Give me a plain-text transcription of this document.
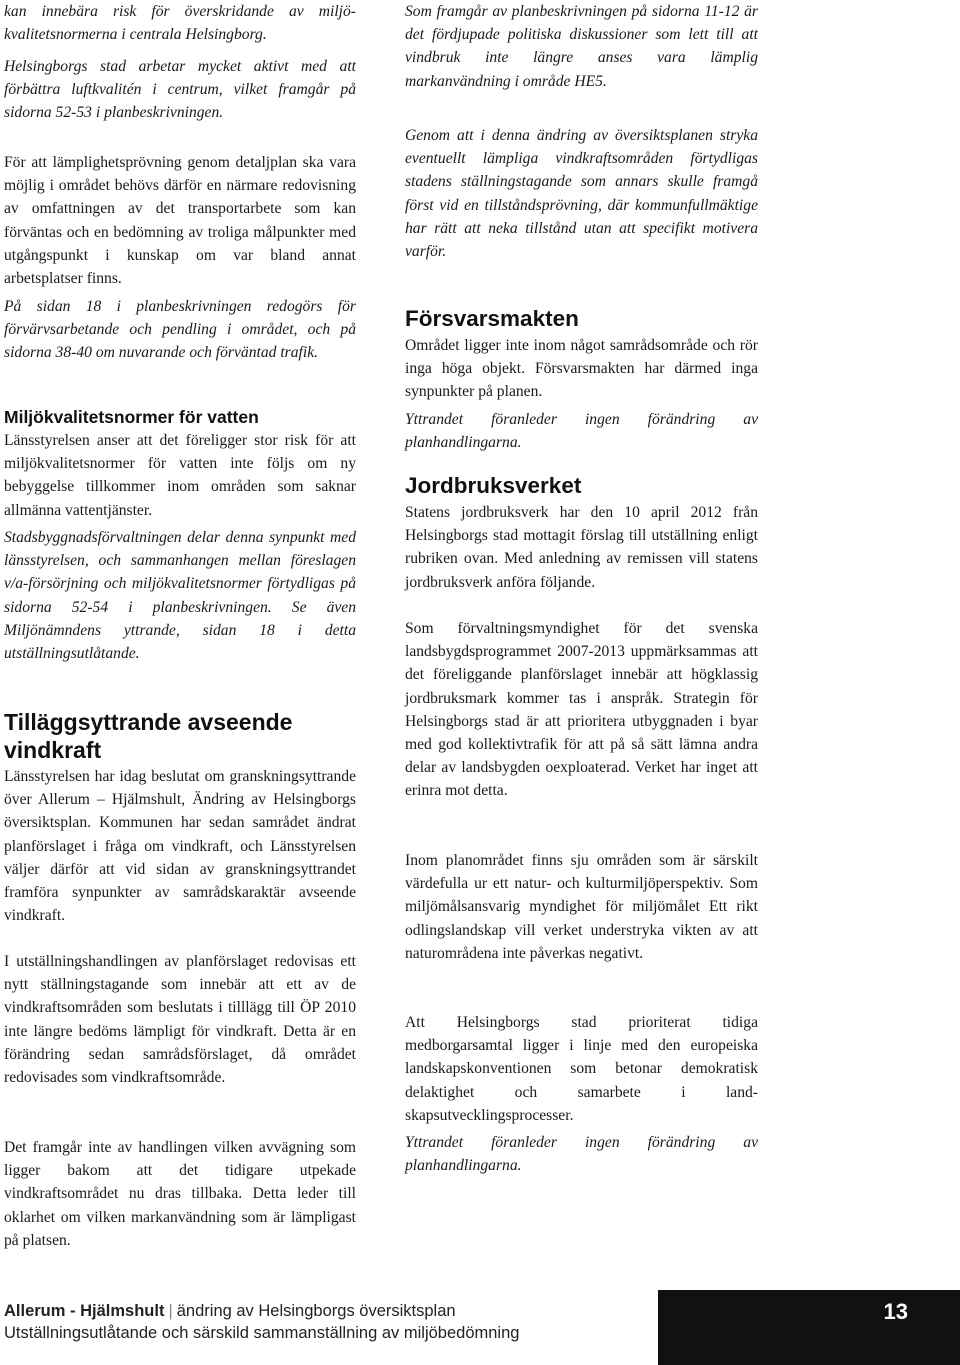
kan innebära risk för överskridande av miljökvalitetsnormerna i centrala Helsingborg.

Helsingborgs stad arbetar mycket aktivt med att förbättra luftkvalitén i centrum, vilket framgår på sidorna 52-53 i planbeskrivningen.

För att lämplighetsprövning genom detaljplan ska vara möjlig i området behövs därför en närmare redovisning av omfattningen av det transportarbete som kan förväntas och en bedömning av troliga målpunkter med utgångspunkt i kunskap om var bland annat arbetsplatser finns.

På sidan 18 i planbeskrivningen redogörs för förvärvsarbetande och pendling i området, och på sidorna 38-40 om nuvarande och förväntad trafik.

Miljökvalitetsnormer för vatten

Länsstyrelsen anser att det föreligger stor risk för att miljökvalitetsnormer för vatten inte följs om ny bebyggelse tillkommer inom områden som saknar allmänna vattentjänster.

Stadsbyggnadsförvaltningen delar denna synpunkt med länsstyrelsen, och sammanhangen mellan föreslagen v/a-försörjning och miljökvalitetsnormer förtydligas på sidorna 52-54 i planbeskrivningen. Se även Miljönämndens yttrande, sidan 18 i detta utställningsutlåtande.

Tilläggsyttrande avseende vindkraft

Länsstyrelsen har idag beslutat om granskningsyttrande över Allerum – Hjälmshult, Ändring av Helsingborgs översiktsplan. Kommunen har sedan samrådet ändrat planförslaget i fråga om vindkraft, och Länsstyrelsen väljer därför att vid sidan av granskningsyttrandet framföra synpunkter av samrådskaraktär avseende vindkraft.

I utställningshandlingen av planförslaget redovisas ett nytt ställningstagande som innebär att ett av de vindkraftsområden som beslutats i tilllägg till ÖP 2010 inte längre bedöms lämpligt för vindkraft. Detta är en förändring sedan samrådsförslaget, då området redovisades som vindkraftsområde.

Det framgår inte av handlingen vilken avvägning som ligger bakom att det tidigare utpekade vindkraftsområdet nu dras tillbaka. Detta leder till oklarhet om vilken markanvändning som är lämpligast på platsen.

Som framgår av planbeskrivningen på sidorna 11-12 är det fördjupade politiska diskussioner som lett till att vindbruk inte längre anses vara lämplig markanvändning i område HE5.

Genom att i denna ändring av översiktsplanen stryka eventuellt lämpliga vindkraftsområden förtydligas stadens ställningstagande som annars skulle framgå först vid en tillståndsprövning, där kommunfullmäktige har rätt att neka tillstånd utan att specifikt motivera varför.

Försvarsmakten

Området ligger inte inom något samrådsområde och rör inga höga objekt. Försvarsmakten har därmed inga synpunkter på planen.

Yttrandet föranleder ingen förändring av planhandlingarna.

Jordbruksverket

Statens jordbruksverk har den 10 april 2012 från Helsingborgs stad mottagit förslag till utställning enligt rubriken ovan. Med anledning av remissen vill statens jordbruksverk anföra följande.

Som förvaltningsmyndighet för det svenska landsbygdsprogrammet 2007-2013 uppmärksammas att det föreliggande planförslaget innebär att högklassig jordbruksmark kommer tas i anspråk. Strategin för Helsingborgs stad är att prioritera utbyggnaden i byar med god kollektivtrafik för att på så sätt lämna andra delar av landsbygden oexploaterad. Verket har inget att erinra mot detta.

Inom planområdet finns sju områden som är särskilt värdefulla ur ett natur- och kulturmiljöperspektiv. Som miljömålsansvarig myndighet för miljömålet Ett rikt odlingslandskap vill verket understryka vikten av att naturområdena inte påverkas negativt.

Att Helsingborgs stad prioriterat tidiga medborgarsamtal ligger i linje med den europeiska landskapskonventionen som betonar demokratisk delaktighet och samarbete i landskapsutvecklingsprocesser.

Yttrandet föranleder ingen förändring av planhandlingarna.

Allerum - Hjälmshult | ändring av Helsingborgs översiktsplan
Utställningsutlåtande och särskild sammanställning av miljöbedömning
13
